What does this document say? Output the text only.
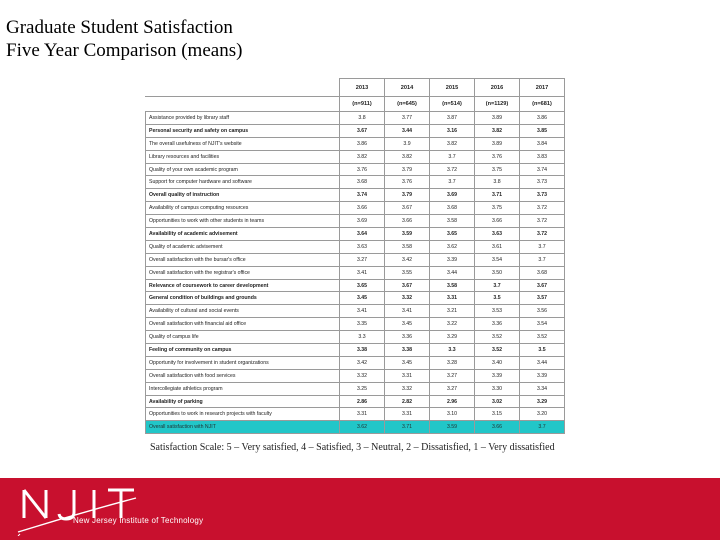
Graduate Student Satisfaction
Five Year Comparison (means)
	2013	2014	2015	2016	2017
	(n=911)	(n=645)	(n=514)	(n=1129)	(n=681)
Assistance provided by library staff	3.8	3.77	3.87	3.89	3.86
Personal security and safety on campus	3.67	3.44	3.16	3.82	3.85
The overall usefulness of NJIT's website	3.86	3.9	3.82	3.89	3.84
Library resources and facilities	3.82	3.82	3.7	3.76	3.83
Quality of your own academic program	3.76	3.79	3.72	3.75	3.74
Support for computer hardware and software	3.68	3.76	3.7	3.8	3.73
Overall quality of instruction	3.74	3.79	3.69	3.71	3.73
Availability of campus computing resources	3.66	3.67	3.68	3.75	3.72
Opportunities to work with other students in teams	3.69	3.66	3.58	3.66	3.72
Availability of academic advisement	3.64	3.59	3.65	3.63	3.72
Quality of academic advisement	3.63	3.58	3.62	3.61	3.7
Overall satisfaction with the bursar's office	3.27	3.42	3.39	3.54	3.7
Overall satisfaction with the registrar's office	3.41	3.55	3.44	3.50	3.68
Relevance of coursework to career development	3.65	3.67	3.58	3.7	3.67
General condition of buildings and grounds	3.45	3.32	3.31	3.5	3.57
Availability of cultural and social events	3.41	3.41	3.21	3.53	3.56
Overall satisfaction with financial aid office	3.35	3.45	3.22	3.36	3.54
Quality of campus life	3.3	3.36	3.29	3.52	3.52
Feeling of community on campus	3.38	3.38	3.3	3.52	3.5
Opportunity for involvement in student organizations	3.42	3.45	3.28	3.40	3.44
Overall satisfaction with food services	3.32	3.31	3.27	3.39	3.39
Intercollegiate athletics program	3.25	3.32	3.27	3.30	3.34
Availability of parking	2.86	2.82	2.96	3.02	3.29
Opportunities to work in research projects with faculty	3.31	3.31	3.10	3.15	3.20
Overall satisfaction with NJIT	3.62	3.71	3.59	3.66	3.7
Satisfaction Scale: 5 – Very satisfied, 4 – Satisfied, 3 – Neutral, 2 – Dissatisfied, 1 – Very dissatisfied
New Jersey Institute of Technology
